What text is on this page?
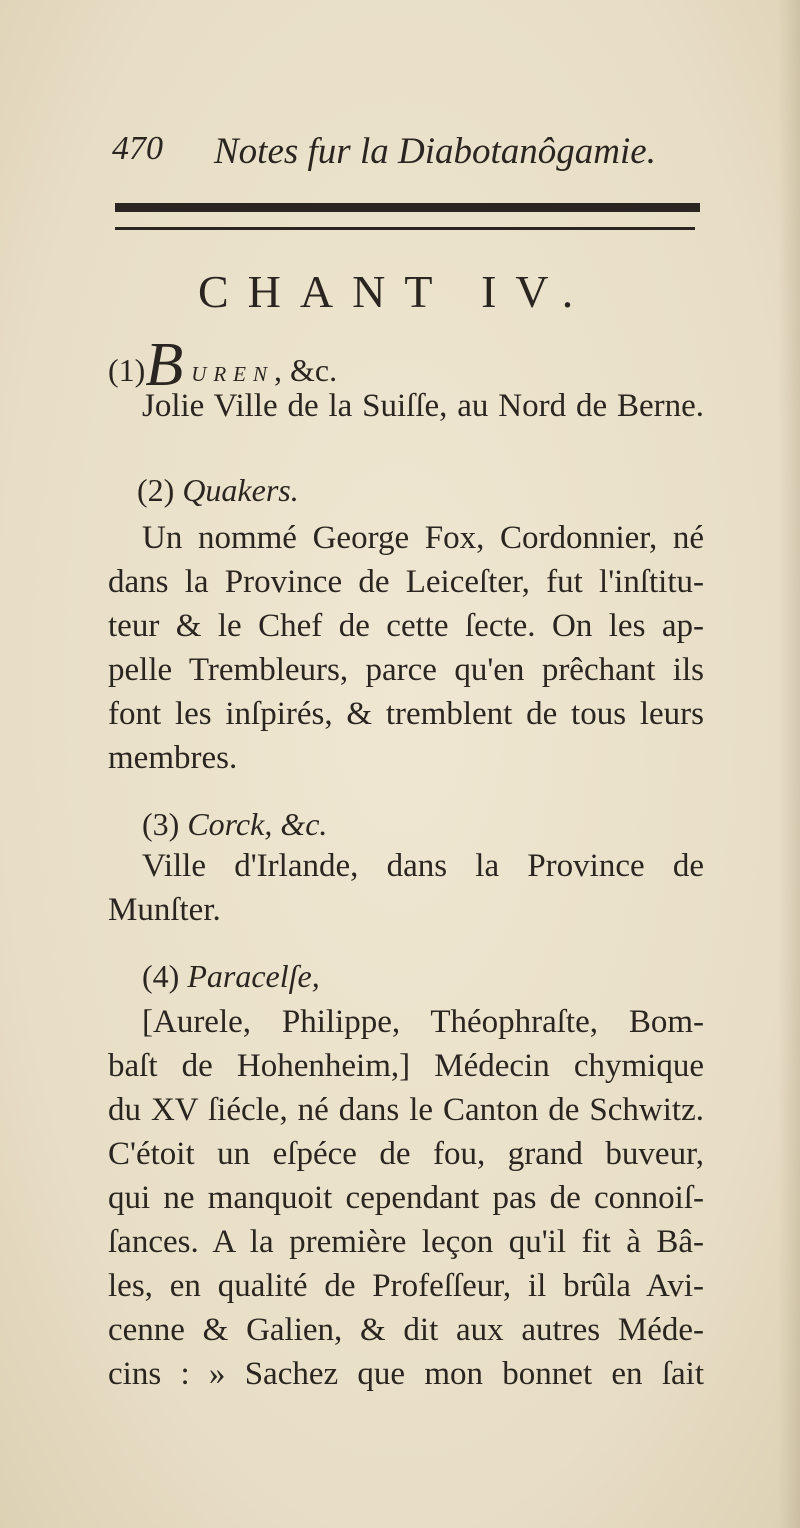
470 Notes fur la Diabotanôgamie.
CHANT IV.
(1)B UREN, &c.
Jolie Ville de la Suiſſe, au Nord de Berne.
(2) Quakers.
Un nommé George Fox, Cordonnier, né
dans la Province de Leiceſter, fut l'inſtitu-
teur & le Chef de cette ſecte. On les ap-
pelle Trembleurs, parce qu'en prêchant ils
font les inſpirés, & tremblent de tous leurs
membres.
(3) Corck, &c.
Ville d'Irlande, dans la Province de
Munſter.
(4) Paracelſe,
[Aurele, Philippe, Théophraſte, Bom-
baſt de Hohenheim,] Médecin chymique
du XV ſiécle, né dans le Canton de Schwitz.
C'étoit un eſpéce de fou, grand buveur,
qui ne manquoit cependant pas de connoiſ-
ſances. A la première leçon qu'il fit à Bâ-
les, en qualité de Profeſſeur, il brûla Avi-
cenne & Galien, & dit aux autres Méde-
cins : » Sachez que mon bonnet en ſait
